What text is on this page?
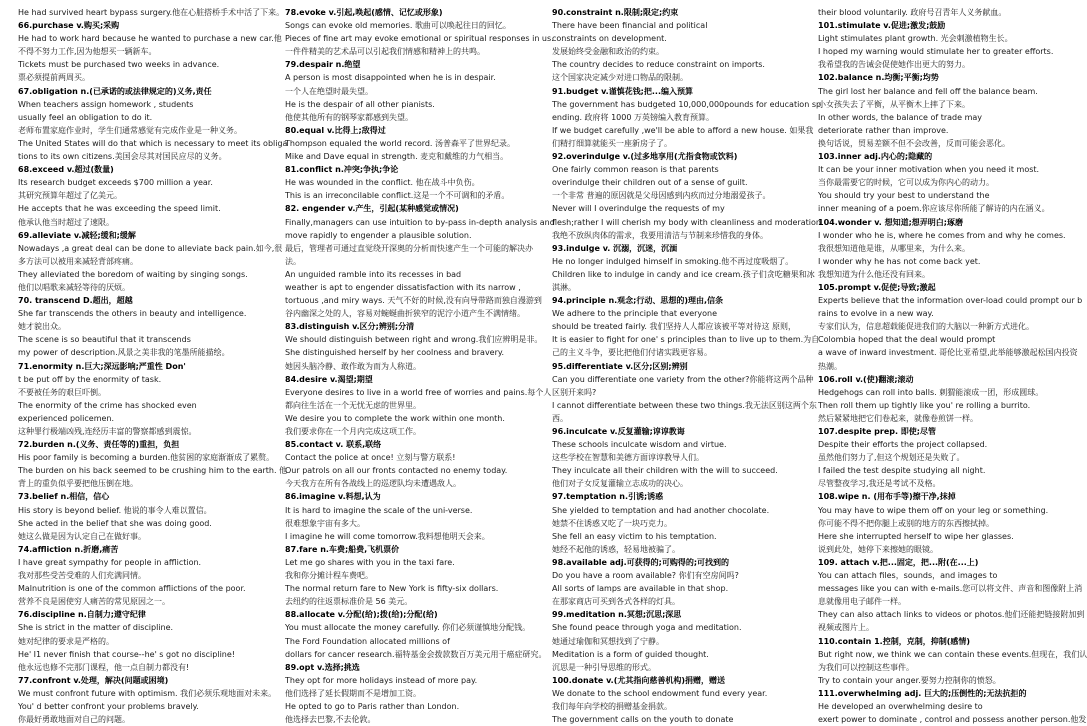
He had survived heart bypass surgery.他在心脏搭桥手术中活了下来。
66.purchase v.购买;采购
He had to work hard because he wanted to purchase a new car.他
不得不努力工作,因为他想买一辆新车。
Tickets must be purchased two weeks in advance.
票必须提前两周买。
67.obligation n.(已承诺的或法律规定的)义务,责任
When teachers assign homework , students
usually feel an obligation to do it.
老师布置家庭作业时，学生们通常感觉有完成作业是一种义务。
The United States will do that which is necessary to meet its obliga
tions to its own citizens.美国会尽其对国民应尽的义务。
68.exceed v.超过(数量)
Its research budget exceeds $700 million a year.
其研究预算年超过了亿美元。
He accepts that he was exceeding the speed limit.
他承认他当时超过了速限。
69.alleviate v.减轻;缓和;缓解
Nowadays ,a great deal can be done to alleviate back pain.如今,很
多方法可以被用来减轻背部疼痛。
They alleviated the boredom of waiting by singing songs.
他们以唱歌来减轻等待的厌烦。
70. transcend D.超出，超越
She far transcends the others in beauty and intelligence.
她才貌出众。
The scene is so beautiful that it transcends
my power of description.风景之美非我的笔墨所能描绘。
71.enormity n.巨大;深远影响;严重性 Don'
t be put off by the enormity of task.
不要被任务的艰巨吓倒。
The enormity of the crime has shocked even
experienced policemen.
这种罪行极端凶残,连经历丰富的警察都感到震惊。
72.burden n.(义务、责任等的)重担，负担
His poor family is becoming a burden.他贫困的家庭渐渐成了累赘。
The burden on his back seemed to be crushing him to the earth. 他
背上的重负似乎要把他压倒在地。
73.belief n.相信，信心
His story is beyond belief. 他说的事令人难以置信。
She acted in the belief that she was doing good.
她这么做是因为认定自己在做好事。
74.affliction n.折磨,痛苦
I have great sympathy for people in affliction.
我对那些受苦受难的人们充满同情。
Malnutrition is one of the common afflictions of the poor.
营养不良是困使穷人痛苦的常见原因之一。
76.discipline n.自制力;遵守纪律
She is strict in the matter of discipline.
她对纪律的要求是严格的。
He' I1 never finish that course--he' s got no discipline!
他永远也修不完那门课程，他一点自制力都没有!
77.confront v.处理，解决(问题或困境)
We must confront future with optimism. 我们必须乐观地面对未来。
You' d better confront your problems bravely.
你最好勇敢地面对自己的问题。
78.evoke v.引起,唤起(感情、记忆或形象)
Songs can evoke old memories. 歌曲可以唤起往日的回忆。
Pieces of fine art may evoke emotional or spiritual responses in us.
一件件精美的艺术品可以引起我们情感和精神上的共鸣。
79.despair n.绝望
A person is most disappointed when he is in despair.
一个人在绝望时最失望。
He is the despair of all other pianists.
他使其他所有的钢琴家都感到失望。
80.equal v.比得上;敌得过
Thompson equaled the world record. 汤普森平了世界纪录。
Mike and Dave equal in strength. 麦克和戴维的力气相当。
81.conflict n.冲突;争执;争论
He was wounded in the conflict. 他在战斗中负伤。
This is an irreconcilable conflict.这是一个不可调和的矛盾。
82. engender v.产生，引起(某种感觉或情况)
Finally,managers can use intuition to by-pass in-depth analysis and
move rapidly to engender a plausible solution.
最后，管理者可通过直觉绕开深奥的分析而快速产生一个可能的解决办
法。
An unguided ramble into its recesses in bad
weather is apt to engender dissatisfaction with its narrow ,
tortuous ,and miry ways. 天气不好的时候,没有向导带路而独自漫游到
谷内幽深之处的人，容易对蜿蜒曲折狭窄的泥泞小道产生不满情绪。
83.distinguish v.区分;辨别;分清
We should distinguish between right and wrong.我们应辨明是非。
She distinguished herself by her coolness and bravery.
她因头脑冷静、敢作敢为而为人称道。
84.desire v.渴望;期望
Everyone desires to live in a world free of worries and pains.每个人
都向往生活在一个无忧无虑的世界里。
We desire you to complete the work within one month.
我们要求你在一个月内完成这项工作。
85.contact v. 联系,联络
Contact the police at once! 立刻与警方联系!
Our patrols on all our fronts contacted no enemy today.
今天我方在所有各战线上的巡逻队均未遭遇敌人。
86.imagine v.料想,认为
It is hard to imagine the scale of the uni-verse.
很难想象宇宙有多大。
I imagine he will come tomorrow.我料想他明天会来。
87.fare n.车费;船费,飞机票价
Let me go shares with you in the taxi fare.
我和你分摊计程车费吧。
The normal return fare to New York is fifty-six dollars.
去纽约的往返票标准价是 56 美元。
88.allocate v.分配(给);拨(给);分配(给)
You must allocate the money carefully. 你们必须谨慎地分配钱。
The Ford Foundation allocated millions of
dollars for cancer research.福特基金会拨款数百万美元用于癌症研究。
89.opt v.选择;挑选
They opt for more holidays instead of more pay.
他们选择了延长假期而不是增加工资。
He opted to go to Paris rather than London.
他选择去巴黎,不去伦敦。
90.constraint n.限制;限定;约束
There have been financial and political
constraints on development.
发展始终受金融和政治的约束。
The country decides to reduce constraint on imports.
这个国家决定减少对进口物品的限制。
91.budget v.谨慎花钱;把...编入预算
The government has budgeted 10,000,000pounds for education sp
ending. 政府将 1000 万英镑编入教育预算。
If we budget carefully ,we'll be able to afford a new house. 如果我
们精打细算就能买一座新房子了。
92.overindulge v.(过多地享用(尤指食物或饮料)
One fairly common reason is that parents
overindulge their children out of a sense of guilt.
一个非常 普遍的原因就是父母因感到内疚而过分地溺爱孩子。
Never will I overindulge the requests of my
flesh;rather I will cherish my body with cleanliness and moderation.
我绝不放纵肉体的需求，我要用清洁与节制来珍惜我的身体。
93.indulge v. 沉溺，沉迷，沉湎
He no longer indulged himself in smoking.他不再过度吸烟了。
Children like to indulge in candy and ice cream.孩子们贪吃糖果和冰
淇淋。
94.principle n.观念;行动、思想的)理由,信条
We adhere to the principle that everyone
should be treated fairly. 我们坚持人人都应该被平等对待这 原则，
It is easier to fight for one' s principles than to live up to them.为自
己的主义斗争，要比把他们付诸实践更容易。
95.differentiate v.区分;区别;辨别
Can you differentiate one variety from the other?你能将这两个品种
区别开来吗?
I cannot differentiate between these two things.我无法区别这两个东
西。
96.inculcate v.反复灌输;谆谆教诲
These schools inculcate wisdom and virtue.
这些学校在智慧和美德方面谆谆教导人们。
They inculcate all their children with the will to succeed.
他们对子女反复灌输立志成功的决心。
97.temptation n.引诱;诱惑
She yielded to temptation and had another chocolate.
她禁不住诱惑又吃了一块巧克力。
She fell an easy victim to his temptation.
她经不起他的诱惑，轻易地被骗了。
98.available adj.可获得的;可购得的;可找到的
Do you have a room available? 你们有空房间吗?
All sorts of lamps are available in that shop.
在那家商店可买到各式各样的灯具。
99.meditation n.冥想;沉思;深思
She found peace through yoga and meditation.
她通过瑜伽和冥想找到了宁静。
Meditation is a form of guided thought.
沉思是一种引导思维的形式。
100.donate v.(尤其指向慈善机构)捐赠，赠送
We donate to the school endowment fund every year.
我们每年向学校的捐赠基金捐款。
The government calls on the youth to donate
their blood voluntarily. 政府号召青年人义务献血。
101.stimulate v.促进;激发;鼓励
Light stimulates plant growth. 光会刺激植物生长。
I hoped my warning would stimulate her to greater efforts.
我希望我的告诫会促使她作出更大的努力。
102.balance n.均衡;平衡;均势
The girl lost her balance and fell off the balance beam.
小女孩失去了平衡，从平衡木上摔了下来。
In other words, the balance of trade may
deteriorate rather than improve.
换句话说，贸易差额不但不会改善，反而可能会恶化。
103.inner adj.内心的;隐藏的
It can be your inner motivation when you need it most.
当你最需要它的时候，它可以成为你内心的动力。
You should try your best to understand the
inner meaning of a poem.你应该尽你所能了解诗的内在涵义。
104.wonder v. 想知道;想弄明白;琢磨
I wonder who he is, where he comes from and why he comes.
我很想知道他是谁，从哪里来，为什么来。
I wonder why he has not come back yet.
我想知道为什么他还没有回来。
105.prompt v.促使;导致;激起
Experts believe that the information over-load could prompt our b
rains to evolve in a new way.
专家们认为，信息超载能促进我们的大脑以一种新方式进化。
Colombia hoped that the deal would prompt
a wave of inward investment. 哥伦比亚希望,此举能够激起松国内投资
热潮。
106.roll v.(使)翻滚;滚动
Hedgehogs can roll into balls. 刺猬能滚成一团，形成圆球。
Then roll them up tightly like you' re rolling a burrito.
然后紧紧地把它们卷起来，就像卷煎饼一样。
107.despite prep. 即使;尽管
Despite their efforts the project collapsed.
虽然他们努力了,但这个规划还是失败了。
I failed the test despite studying all night.
尽管整夜学习,我还是考试不及格。
108.wipe n. (用布手等)擦干净,抹掉
You may have to wipe them off on your leg or something.
你可能不得不把你腿上或别的地方的东西擦拭掉。
Here she interrupted herself to wipe her glasses.
说到此处，她停下来擦她的眼镜。
109. attach v.把...固定，把...附(在...上)
You can attach files，sounds，and images to
messages like you can with e-mails.您可以将文件、声音和图像附上消
息就像用电子邮件一样。
They can also attach links to videos or photos.他们还能把链接附加到
视频或图片上。
110.contain 1.控制，克制，抑制(感情)
But right now, we think we can contain these events.但现在，我们认
为我们可以控制这些事件。
Try to contain your anger.要努力控制你的愤怒。
111.overwhelming adj. 巨大的;压倒性的;无法抗拒的
He developed an overwhelming desire to
exert power to dominate , control and possess another person.他发
